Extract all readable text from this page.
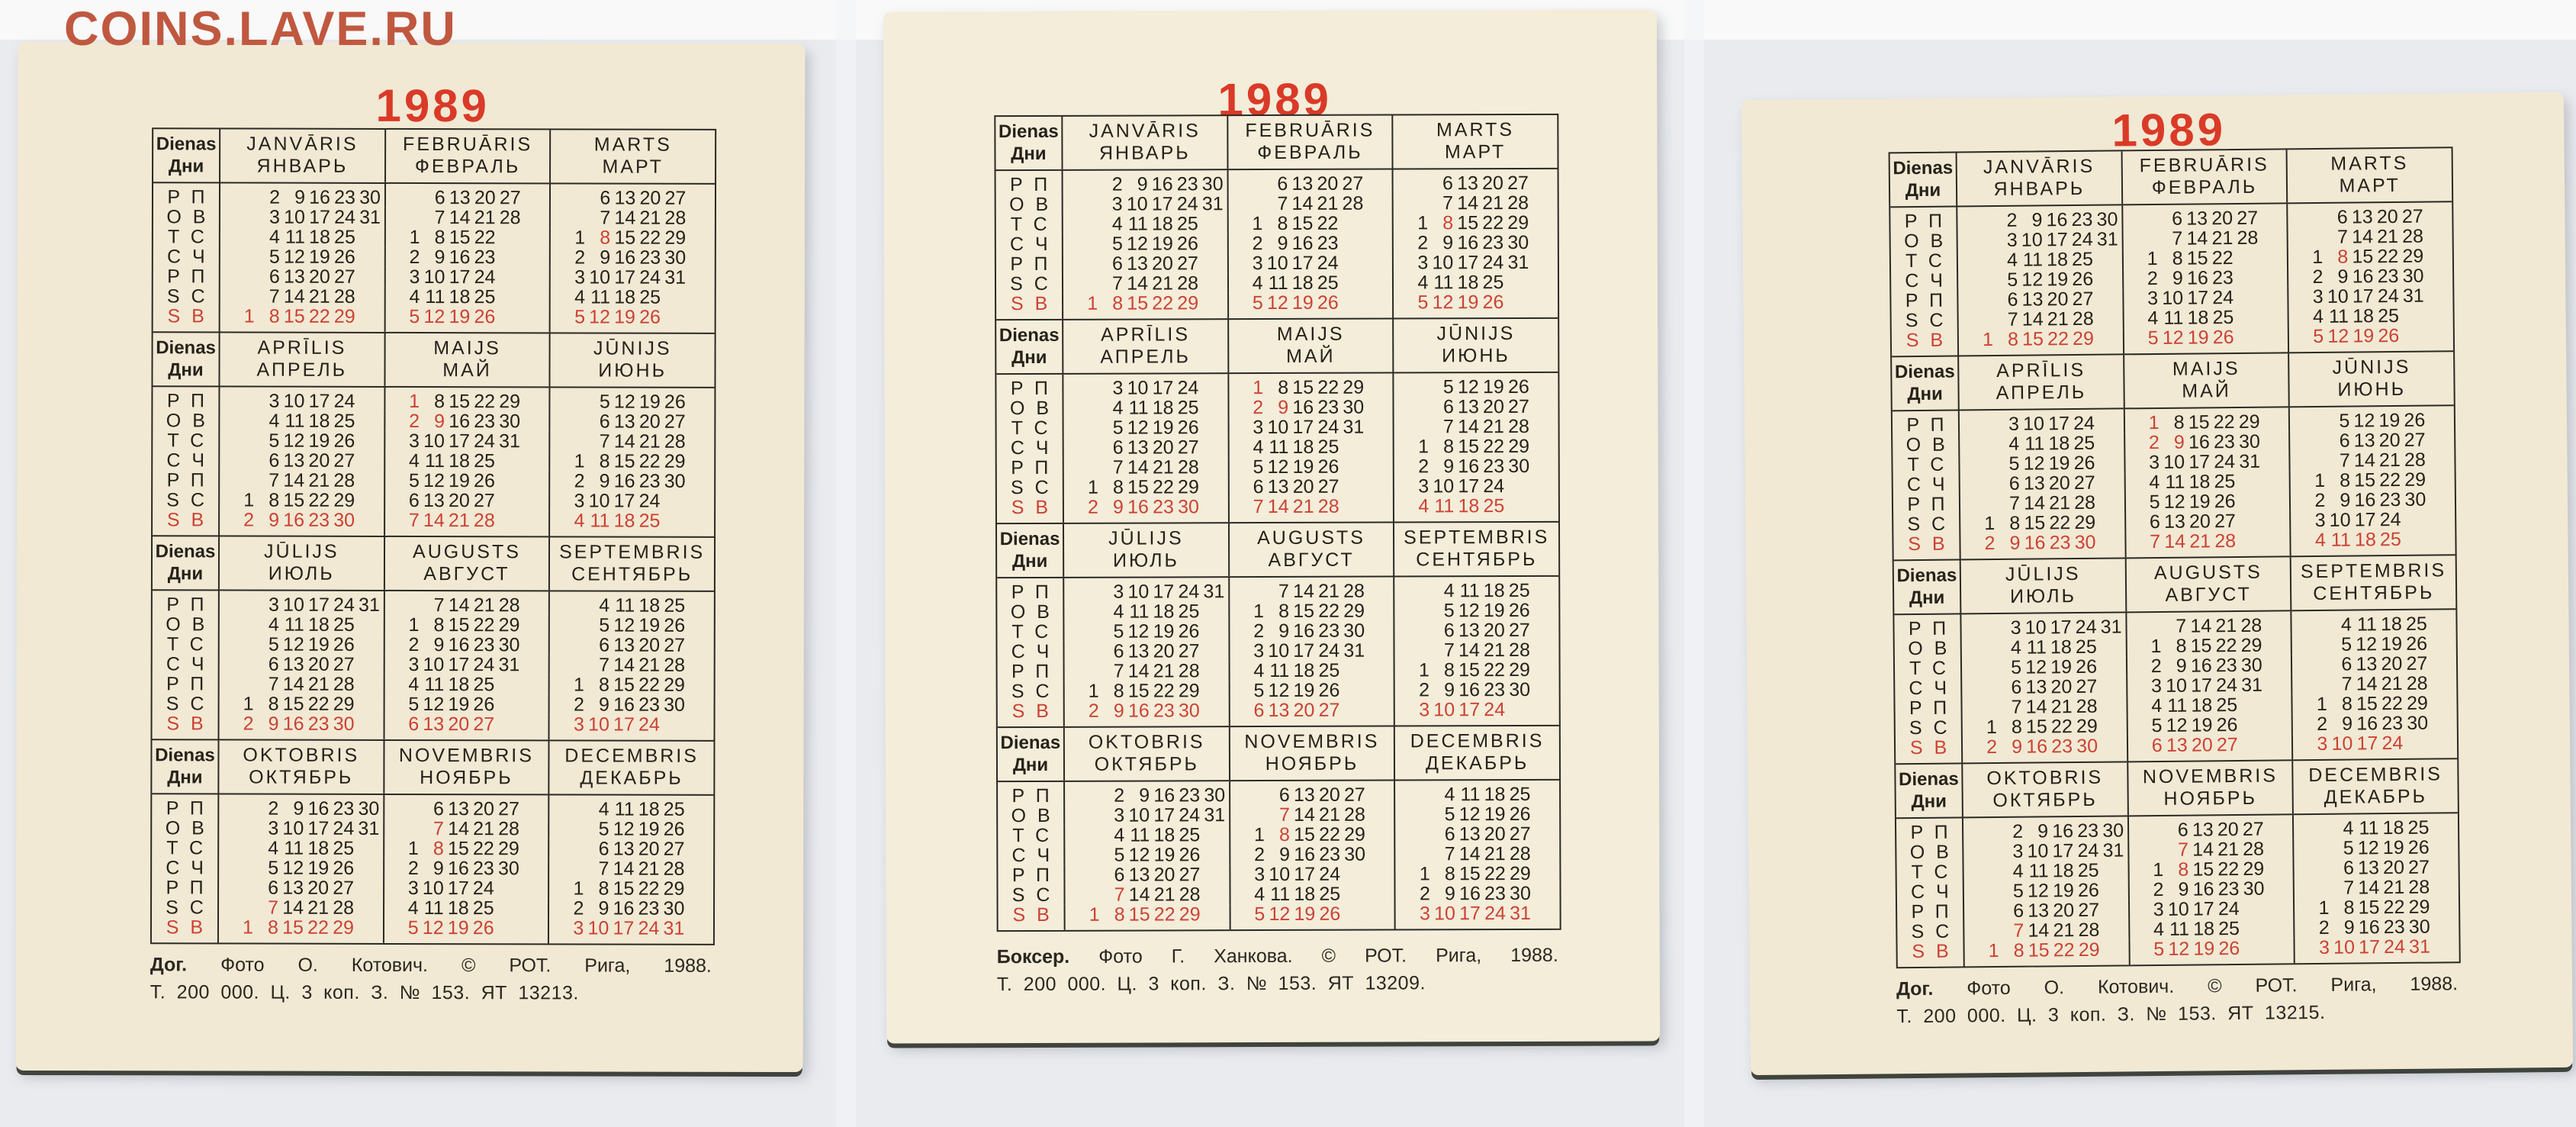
COINS.LAVE.RU
1989
Dienas
Дни
JANVĀRIS
ЯНВАРЬ
FEBRUĀRIS
ФЕВРАЛЬ
MARTS
МАРТ
P П	2 9 16 23 30	6 13 20 27	6 13 20 27
O B	3 10 17 24 31	7 14 21 28	7 14 21 28
T C	4 11 18 25	1 8 15 22	1 8 15 22 29
C Ч	5 12 19 26	2 9 16 23	2 9 16 23 30
P П	6 13 20 27	3 10 17 24	3 10 17 24 31
S C	7 14 21 28	4 11 18 25	4 11 18 25
S B	1 8 15 22 29	5 12 19 26	5 12 19 26
Dienas
Дни
APRĪLIS
АПРЕЛЬ
MAIJS
МАЙ
JŪNIJS
ИЮНЬ
P П	3 10 17 24	1 8 15 22 29	5 12 19 26
O B	4 11 18 25	2 9 16 23 30	6 13 20 27
T C	5 12 19 26	3 10 17 24 31	7 14 21 28
C Ч	6 13 20 27	4 11 18 25	1 8 15 22 29
P П	7 14 21 28	5 12 19 26	2 9 16 23 30
S C	1 8 15 22 29	6 13 20 27	3 10 17 24
S B	2 9 16 23 30	7 14 21 28	4 11 18 25
Dienas
Дни
JŪLIJS
ИЮЛЬ
AUGUSTS
АВГУСТ
SEPTEMBRIS
СЕНТЯБРЬ
P П	3 10 17 24 31	7 14 21 28	4 11 18 25
O B	4 11 18 25	1 8 15 22 29	5 12 19 26
T C	5 12 19 26	2 9 16 23 30	6 13 20 27
C Ч	6 13 20 27	3 10 17 24 31	7 14 21 28
P П	7 14 21 28	4 11 18 25	1 8 15 22 29
S C	1 8 15 22 29	5 12 19 26	2 9 16 23 30
S B	2 9 16 23 30	6 13 20 27	3 10 17 24
Dienas
Дни
OKTOBRIS
ОКТЯБРЬ
NOVEMBRIS
НОЯБРЬ
DECEMBRIS
ДЕКАБРЬ
P П	2 9 16 23 30	6 13 20 27	4 11 18 25
O B	3 10 17 24 31	7 14 21 28	5 12 19 26
T C	4 11 18 25	1 8 15 22 29	6 13 20 27
C Ч	5 12 19 26	2 9 16 23 30	7 14 21 28
P П	6 13 20 27	3 10 17 24	1 8 15 22 29
S C	7 14 21 28	4 11 18 25	2 9 16 23 30
S B	1 8 15 22 29	5 12 19 26	3 10 17 24 31
Дог. Фото О. Котович. © РОТ. Рига, 1988.
Т. 200 000. Ц. 3 коп. З. № 153. ЯТ 13213.
1989
Dienas
Дни
JANVĀRIS
ЯНВАРЬ
FEBRUĀRIS
ФЕВРАЛЬ
MARTS
МАРТ
P П	2 9 16 23 30	6 13 20 27	6 13 20 27
O B	3 10 17 24 31	7 14 21 28	7 14 21 28
T C	4 11 18 25	1 8 15 22	1 8 15 22 29
C Ч	5 12 19 26	2 9 16 23	2 9 16 23 30
P П	6 13 20 27	3 10 17 24	3 10 17 24 31
S C	7 14 21 28	4 11 18 25	4 11 18 25
S B	1 8 15 22 29	5 12 19 26	5 12 19 26
Dienas
Дни
APRĪLIS
АПРЕЛЬ
MAIJS
МАЙ
JŪNIJS
ИЮНЬ
P П	3 10 17 24	1 8 15 22 29	5 12 19 26
O B	4 11 18 25	2 9 16 23 30	6 13 20 27
T C	5 12 19 26	3 10 17 24 31	7 14 21 28
C Ч	6 13 20 27	4 11 18 25	1 8 15 22 29
P П	7 14 21 28	5 12 19 26	2 9 16 23 30
S C	1 8 15 22 29	6 13 20 27	3 10 17 24
S B	2 9 16 23 30	7 14 21 28	4 11 18 25
Dienas
Дни
JŪLIJS
ИЮЛЬ
AUGUSTS
АВГУСТ
SEPTEMBRIS
СЕНТЯБРЬ
P П	3 10 17 24 31	7 14 21 28	4 11 18 25
O B	4 11 18 25	1 8 15 22 29	5 12 19 26
T C	5 12 19 26	2 9 16 23 30	6 13 20 27
C Ч	6 13 20 27	3 10 17 24 31	7 14 21 28
P П	7 14 21 28	4 11 18 25	1 8 15 22 29
S C	1 8 15 22 29	5 12 19 26	2 9 16 23 30
S B	2 9 16 23 30	6 13 20 27	3 10 17 24
Dienas
Дни
OKTOBRIS
ОКТЯБРЬ
NOVEMBRIS
НОЯБРЬ
DECEMBRIS
ДЕКАБРЬ
P П	2 9 16 23 30	6 13 20 27	4 11 18 25
O B	3 10 17 24 31	7 14 21 28	5 12 19 26
T C	4 11 18 25	1 8 15 22 29	6 13 20 27
C Ч	5 12 19 26	2 9 16 23 30	7 14 21 28
P П	6 13 20 27	3 10 17 24	1 8 15 22 29
S C	7 14 21 28	4 11 18 25	2 9 16 23 30
S B	1 8 15 22 29	5 12 19 26	3 10 17 24 31
Боксер. Фото Г. Ханкова. © РОТ. Рига, 1988.
Т. 200 000. Ц. 3 коп. З. № 153. ЯТ 13209.
1989
Dienas
Дни
JANVĀRIS
ЯНВАРЬ
FEBRUĀRIS
ФЕВРАЛЬ
MARTS
МАРТ
P П	2 9 16 23 30	6 13 20 27	6 13 20 27
O B	3 10 17 24 31	7 14 21 28	7 14 21 28
T C	4 11 18 25	1 8 15 22	1 8 15 22 29
C Ч	5 12 19 26	2 9 16 23	2 9 16 23 30
P П	6 13 20 27	3 10 17 24	3 10 17 24 31
S C	7 14 21 28	4 11 18 25	4 11 18 25
S B	1 8 15 22 29	5 12 19 26	5 12 19 26
Dienas
Дни
APRĪLIS
АПРЕЛЬ
MAIJS
МАЙ
JŪNIJS
ИЮНЬ
P П	3 10 17 24	1 8 15 22 29	5 12 19 26
O B	4 11 18 25	2 9 16 23 30	6 13 20 27
T C	5 12 19 26	3 10 17 24 31	7 14 21 28
C Ч	6 13 20 27	4 11 18 25	1 8 15 22 29
P П	7 14 21 28	5 12 19 26	2 9 16 23 30
S C	1 8 15 22 29	6 13 20 27	3 10 17 24
S B	2 9 16 23 30	7 14 21 28	4 11 18 25
Dienas
Дни
JŪLIJS
ИЮЛЬ
AUGUSTS
АВГУСТ
SEPTEMBRIS
СЕНТЯБРЬ
P П	3 10 17 24 31	7 14 21 28	4 11 18 25
O B	4 11 18 25	1 8 15 22 29	5 12 19 26
T C	5 12 19 26	2 9 16 23 30	6 13 20 27
C Ч	6 13 20 27	3 10 17 24 31	7 14 21 28
P П	7 14 21 28	4 11 18 25	1 8 15 22 29
S C	1 8 15 22 29	5 12 19 26	2 9 16 23 30
S B	2 9 16 23 30	6 13 20 27	3 10 17 24
Dienas
Дни
OKTOBRIS
ОКТЯБРЬ
NOVEMBRIS
НОЯБРЬ
DECEMBRIS
ДЕКАБРЬ
P П	2 9 16 23 30	6 13 20 27	4 11 18 25
O B	3 10 17 24 31	7 14 21 28	5 12 19 26
T C	4 11 18 25	1 8 15 22 29	6 13 20 27
C Ч	5 12 19 26	2 9 16 23 30	7 14 21 28
P П	6 13 20 27	3 10 17 24	1 8 15 22 29
S C	7 14 21 28	4 11 18 25	2 9 16 23 30
S B	1 8 15 22 29	5 12 19 26	3 10 17 24 31
Дог. Фото О. Котович. © РОТ. Рига, 1988.
Т. 200 000. Ц. 3 коп. З. № 153. ЯТ 13215.
